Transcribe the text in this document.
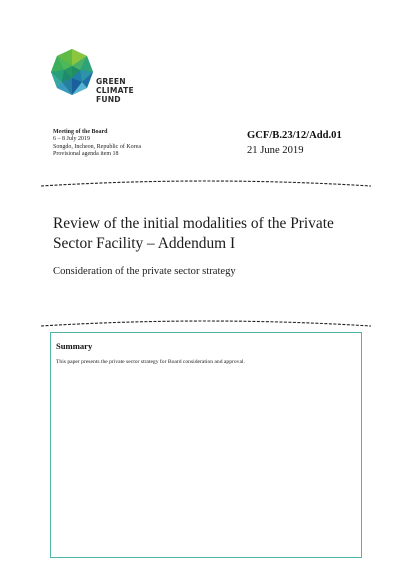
GREEN
CLIMATE
FUND
Meeting of the Board
6 – 8 July 2019
Songdo, Incheon, Republic of Korea
Provisional agenda item 18
GCF/B.23/12/Add.01
21 June 2019
Review of the initial modalities of the Private Sector Facility – Addendum I
Consideration of the private sector strategy
Summary
This paper presents the private sector strategy for Board consideration and approval.
